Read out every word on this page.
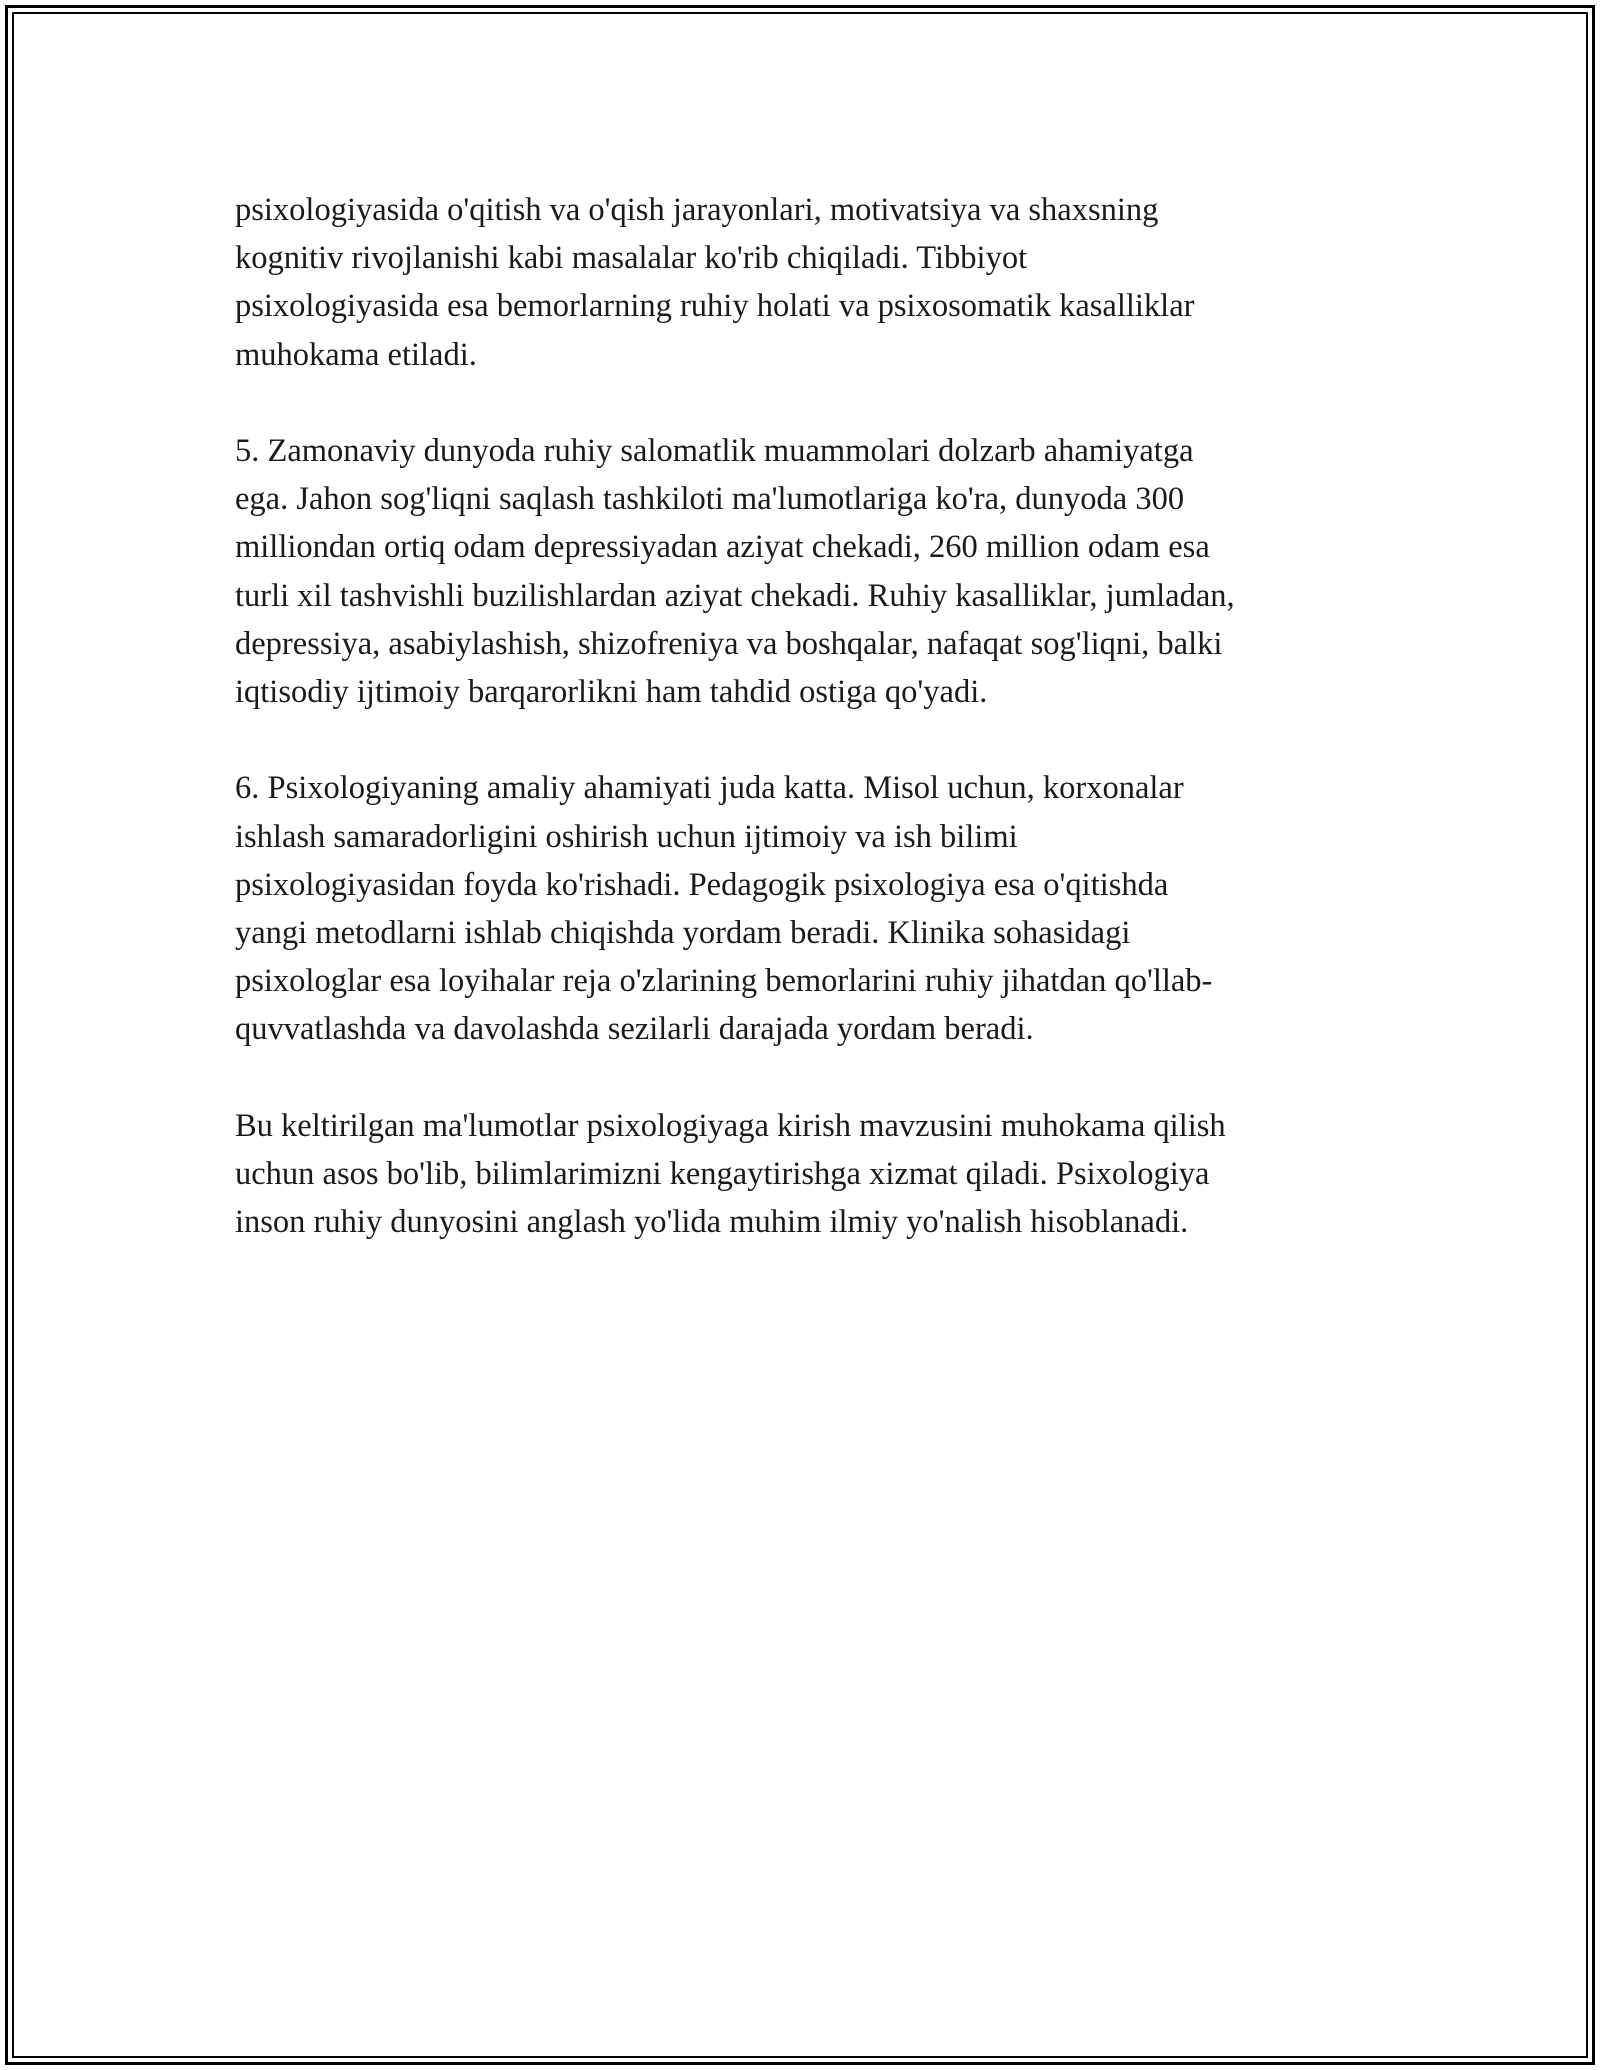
psixologiyasida o'qitish va o'qish jarayonlari, motivatsiya va shaxsning
kognitiv rivojlanishi kabi masalalar ko'rib chiqiladi. Tibbiyot
psixologiyasida esa bemorlarning ruhiy holati va psixosomatik kasalliklar
muhokama etiladi.

5. Zamonaviy dunyoda ruhiy salomatlik muammolari dolzarb ahamiyatga
ega. Jahon sog'liqni saqlash tashkiloti ma'lumotlariga ko'ra, dunyoda 300
milliondan ortiq odam depressiyadan aziyat chekadi, 260 million odam esa
turli xil tashvishli buzilishlardan aziyat chekadi. Ruhiy kasalliklar, jumladan,
depressiya, asabiylashish, shizofreniya va boshqalar, nafaqat sog'liqni, balki
iqtisodiy ijtimoiy barqarorlikni ham tahdid ostiga qo'yadi.

6. Psixologiyaning amaliy ahamiyati juda katta. Misol uchun, korxonalar
ishlash samaradorligini oshirish uchun ijtimoiy va ish bilimi
psixologiyasidan foyda ko'rishadi. Pedagogik psixologiya esa o'qitishda
yangi metodlarni ishlab chiqishda yordam beradi. Klinika sohasidagi
psixologlar esa loyihalar reja o'zlarining bemorlarini ruhiy jihatdan qo'llab-
quvvatlashda va davolashda sezilarli darajada yordam beradi.

Bu keltirilgan ma'lumotlar psixologiyaga kirish mavzusini muhokama qilish
uchun asos bo'lib, bilimlarimizni kengaytirishga xizmat qiladi. Psixologiya
inson ruhiy dunyosini anglash yo'lida muhim ilmiy yo'nalish hisoblanadi.
